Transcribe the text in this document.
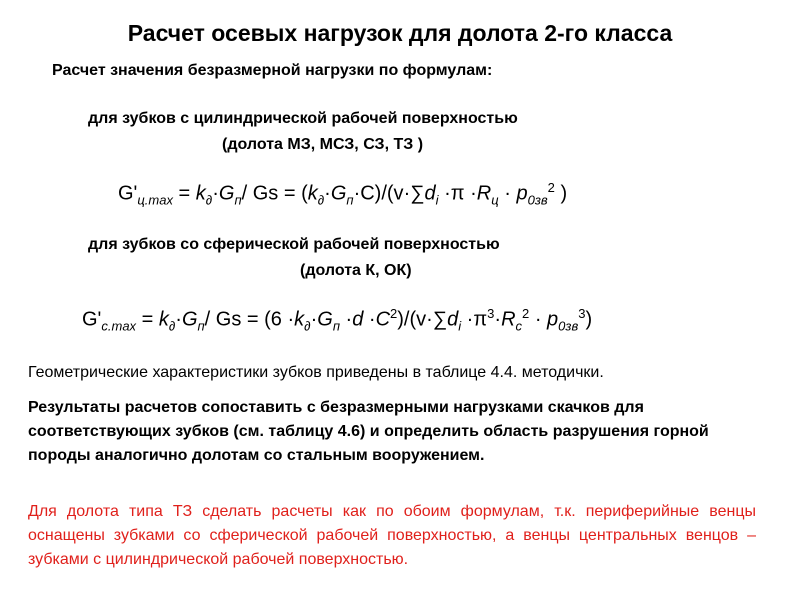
Расчет осевых нагрузок для долота 2-го класса
Расчет значения безразмерной нагрузки по формулам:
для зубков с цилиндрической рабочей поверхностью
(долота МЗ, МСЗ, СЗ, ТЗ )
$G'_{ц.max} = k_\partial\cdot G_п/$ $Gs = (k_\partial\cdot G_п\cdot C)/(v\cdot\sum d_i \cdot\pi \cdot R_ц \cdot p_{0зв}^2$ )
для зубков со сферической рабочей поверхностью
(долота К, ОК)
$G'_{с.max} = k_\partial\cdot G_п/$ $Gs = (6 \cdot k_\partial\cdot G_п \cdot d \cdot C^2)/(v\cdot\sum d_i \cdot\pi^3\cdot R_с^2 \cdot p_{0зв}^3)$
Геометрические характеристики зубков приведены в таблице 4.4. методички.
Результаты расчетов сопоставить с безразмерными нагрузками скачков для соответствующих зубков (см. таблицу 4.6) и определить область разрушения горной породы аналогично долотам со стальным вооружением.
Для долота типа ТЗ сделать расчеты как по обоим формулам, т.к. периферийные венцы оснащены зубками со сферической рабочей поверхностью, а венцы центральных венцов – зубками с цилиндрической рабочей поверхностью.
